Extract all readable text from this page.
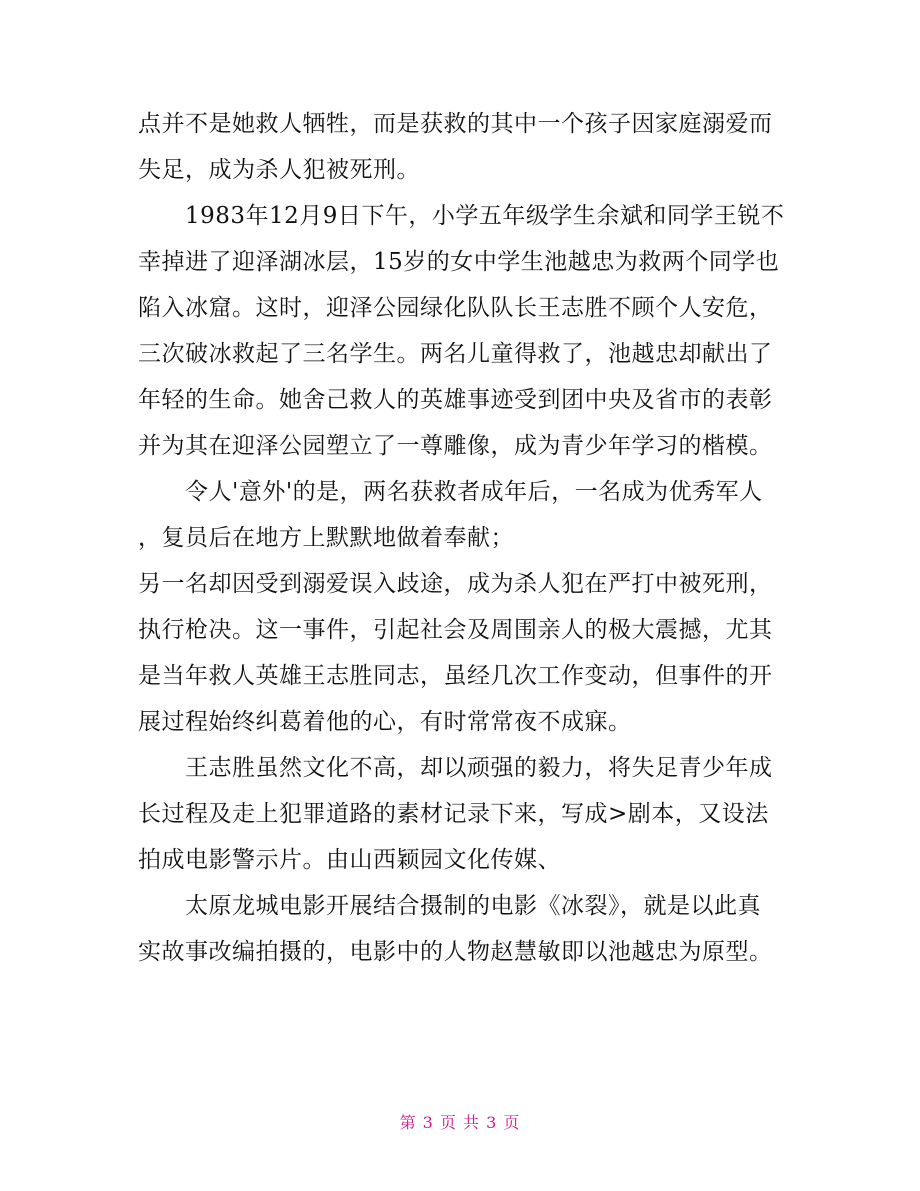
点并不是她救人牺牲，而是获救的其中一个孩子因家庭溺爱而
失足，成为杀人犯被死刑。
　　1983年12月9日下午，小学五年级学生余斌和同学王锐不
幸掉进了迎泽湖冰层，15岁的女中学生池越忠为救两个同学也
陷入冰窟。这时，迎泽公园绿化队队长王志胜不顾个人安危，
三次破冰救起了三名学生。两名儿童得救了，池越忠却献出了
年轻的生命。她舍己救人的英雄事迹受到团中央及省市的表彰
并为其在迎泽公园塑立了一尊雕像，成为青少年学习的楷模。
　　令人'意外'的是，两名获救者成年后，一名成为优秀军人
，复员后在地方上默默地做着奉献；
另一名却因受到溺爱误入歧途，成为杀人犯在严打中被死刑，
执行枪决。这一事件，引起社会及周围亲人的极大震撼，尤其
是当年救人英雄王志胜同志，虽经几次工作变动，但事件的开
展过程始终纠葛着他的心，有时常常夜不成寐。
　　王志胜虽然文化不高，却以顽强的毅力，将失足青少年成
长过程及走上犯罪道路的素材记录下来，写成>剧本，又设法
拍成电影警示片。由山西颖园文化传媒、
　　太原龙城电影开展结合摄制的电影《冰裂》，就是以此真
实故事改编拍摄的，电影中的人物赵慧敏即以池越忠为原型。
第 3 页 共 3 页
